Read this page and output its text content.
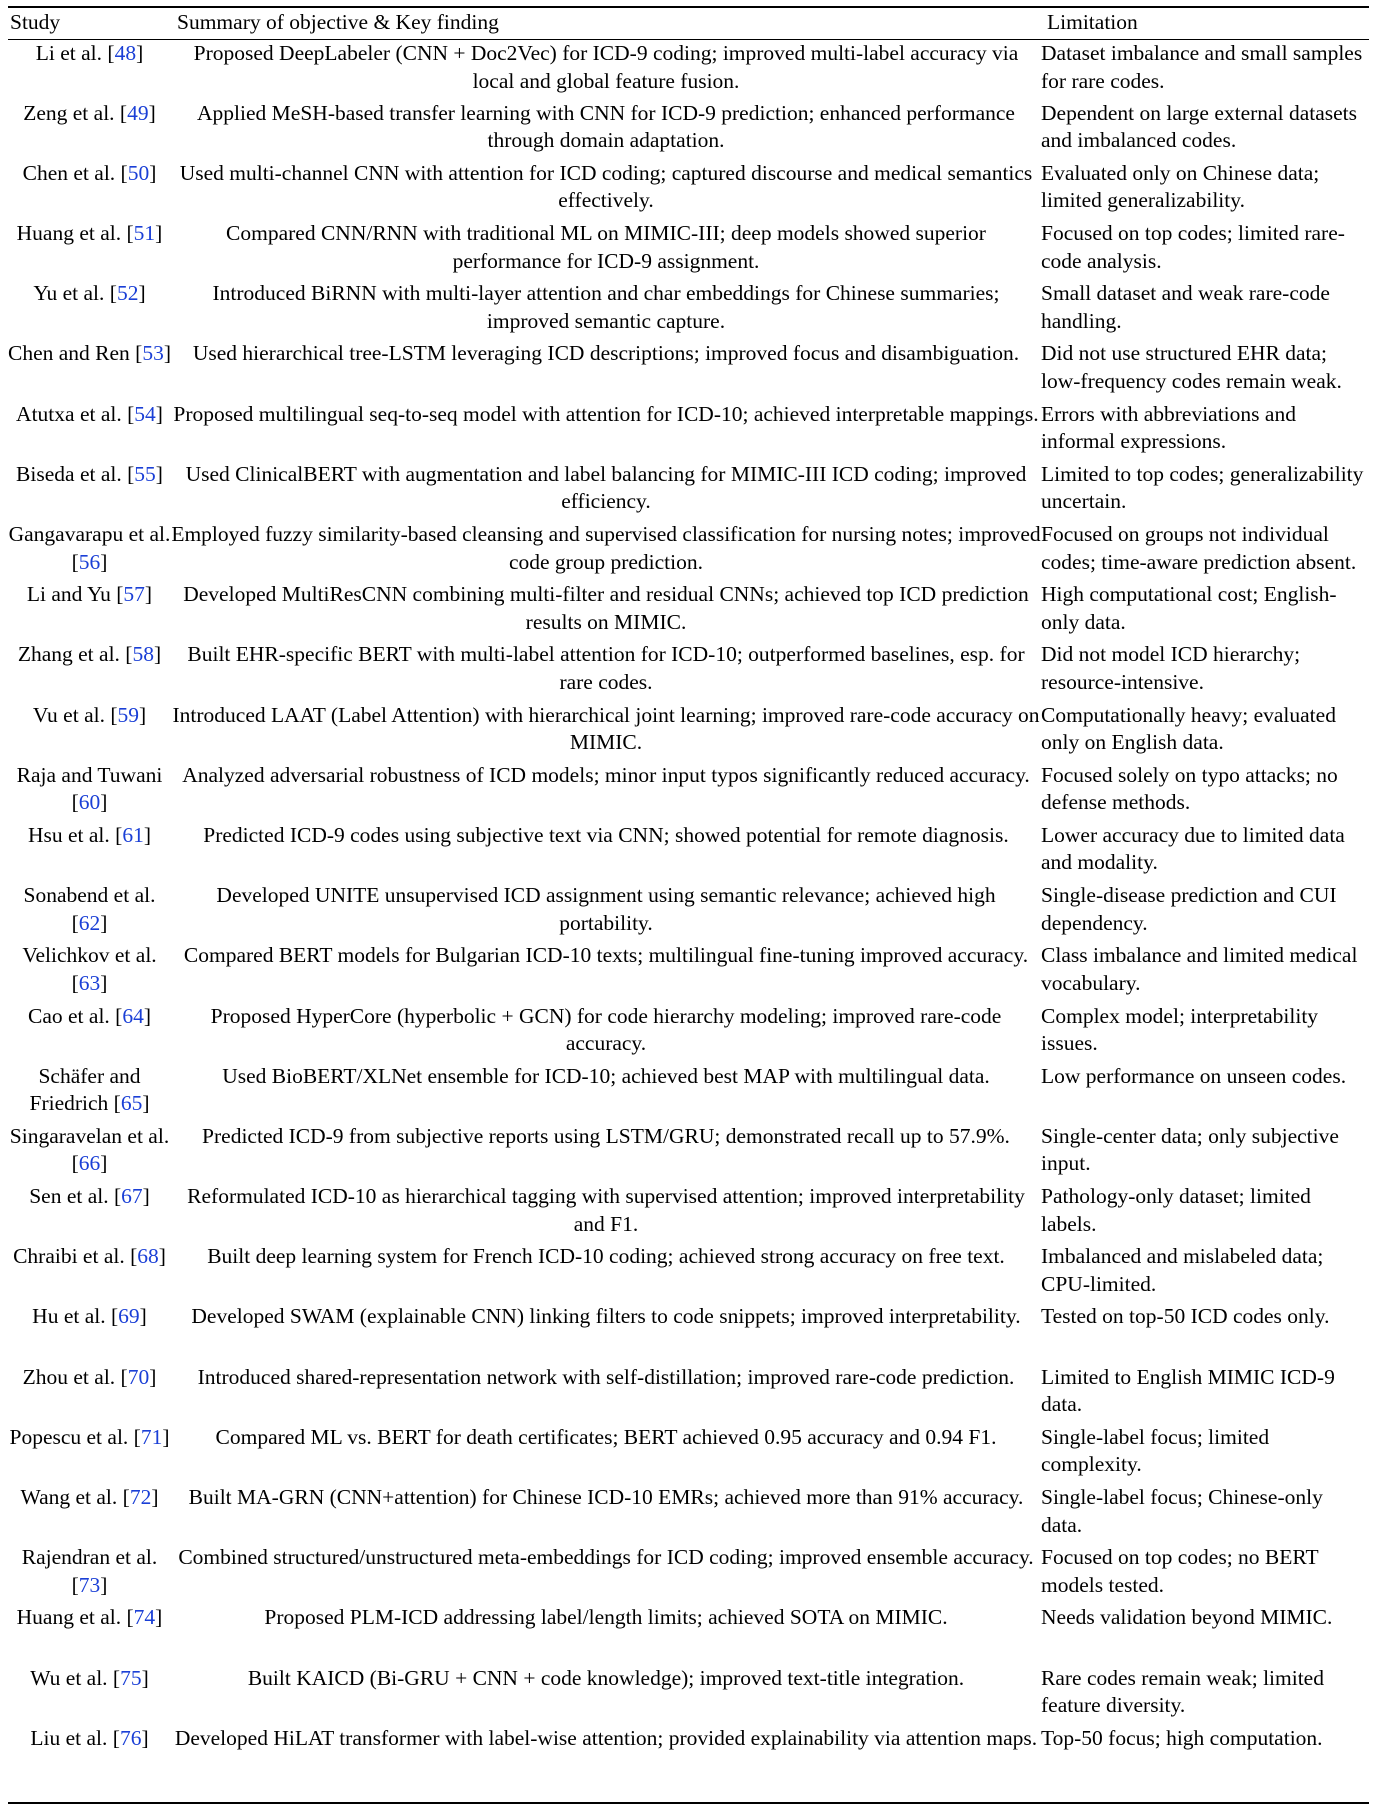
Study	Summary of objective & Key finding	Limitation
Li et al. [48]	Proposed DeepLabeler (CNN + Doc2Vec) for ICD-9 coding; improved multi-label accuracy via local and global feature fusion.	Dataset imbalance and small samples for rare codes.
Zeng et al. [49]	Applied MeSH-based transfer learning with CNN for ICD-9 prediction; enhanced performance through domain adaptation.	Dependent on large external datasets and imbalanced codes.
Chen et al. [50]	Used multi-channel CNN with attention for ICD coding; captured discourse and medical semantics effectively.	Evaluated only on Chinese data; limited generalizability.
Huang et al. [51]	Compared CNN/RNN with traditional ML on MIMIC-III; deep models showed superior performance for ICD-9 assignment.	Focused on top codes; limited rare-code analysis.
Yu et al. [52]	Introduced BiRNN with multi-layer attention and char embeddings for Chinese summaries; improved semantic capture.	Small dataset and weak rare-code handling.
Chen and Ren [53]	Used hierarchical tree-LSTM leveraging ICD descriptions; improved focus and disambiguation.	Did not use structured EHR data; low-frequency codes remain weak.
Atutxa et al. [54]	Proposed multilingual seq-to-seq model with attention for ICD-10; achieved interpretable mappings.	Errors with abbreviations and informal expressions.
Biseda et al. [55]	Used ClinicalBERT with augmentation and label balancing for MIMIC-III ICD coding; improved efficiency.	Limited to top codes; generalizability uncertain.
Gangavarapu et al. [56]	Employed fuzzy similarity-based cleansing and supervised classification for nursing notes; improved code group prediction.	Focused on groups not individual codes; time-aware prediction absent.
Li and Yu [57]	Developed MultiResCNN combining multi-filter and residual CNNs; achieved top ICD prediction results on MIMIC.	High computational cost; English-only data.
Zhang et al. [58]	Built EHR-specific BERT with multi-label attention for ICD-10; outperformed baselines, esp. for rare codes.	Did not model ICD hierarchy; resource-intensive.
Vu et al. [59]	Introduced LAAT (Label Attention) with hierarchical joint learning; improved rare-code accuracy on MIMIC.	Computationally heavy; evaluated only on English data.
Raja and Tuwani [60]	Analyzed adversarial robustness of ICD models; minor input typos significantly reduced accuracy.	Focused solely on typo attacks; no defense methods.
Hsu et al. [61]	Predicted ICD-9 codes using subjective text via CNN; showed potential for remote diagnosis.	Lower accuracy due to limited data and modality.
Sonabend et al. [62]	Developed UNITE unsupervised ICD assignment using semantic relevance; achieved high portability.	Single-disease prediction and CUI dependency.
Velichkov et al. [63]	Compared BERT models for Bulgarian ICD-10 texts; multilingual fine-tuning improved accuracy.	Class imbalance and limited medical vocabulary.
Cao et al. [64]	Proposed HyperCore (hyperbolic + GCN) for code hierarchy modeling; improved rare-code accuracy.	Complex model; interpretability issues.
Schäfer and Friedrich [65]	Used BioBERT/XLNet ensemble for ICD-10; achieved best MAP with multilingual data.	Low performance on unseen codes.
Singaravelan et al. [66]	Predicted ICD-9 from subjective reports using LSTM/GRU; demonstrated recall up to 57.9%.	Single-center data; only subjective input.
Sen et al. [67]	Reformulated ICD-10 as hierarchical tagging with supervised attention; improved interpretability and F1.	Pathology-only dataset; limited labels.
Chraibi et al. [68]	Built deep learning system for French ICD-10 coding; achieved strong accuracy on free text.	Imbalanced and mislabeled data; CPU-limited.
Hu et al. [69]	Developed SWAM (explainable CNN) linking filters to code snippets; improved interpretability.	Tested on top-50 ICD codes only.
Zhou et al. [70]	Introduced shared-representation network with self-distillation; improved rare-code prediction.	Limited to English MIMIC ICD-9 data.
Popescu et al. [71]	Compared ML vs. BERT for death certificates; BERT achieved 0.95 accuracy and 0.94 F1.	Single-label focus; limited complexity.
Wang et al. [72]	Built MA-GRN (CNN+attention) for Chinese ICD-10 EMRs; achieved more than 91% accuracy.	Single-label focus; Chinese-only data.
Rajendran et al. [73]	Combined structured/unstructured meta-embeddings for ICD coding; improved ensemble accuracy.	Focused on top codes; no BERT models tested.
Huang et al. [74]	Proposed PLM-ICD addressing label/length limits; achieved SOTA on MIMIC.	Needs validation beyond MIMIC.
Wu et al. [75]	Built KAICD (Bi-GRU + CNN + code knowledge); improved text-title integration.	Rare codes remain weak; limited feature diversity.
Liu et al. [76]	Developed HiLAT transformer with label-wise attention; provided explainability via attention maps.	Top-50 focus; high computation.
